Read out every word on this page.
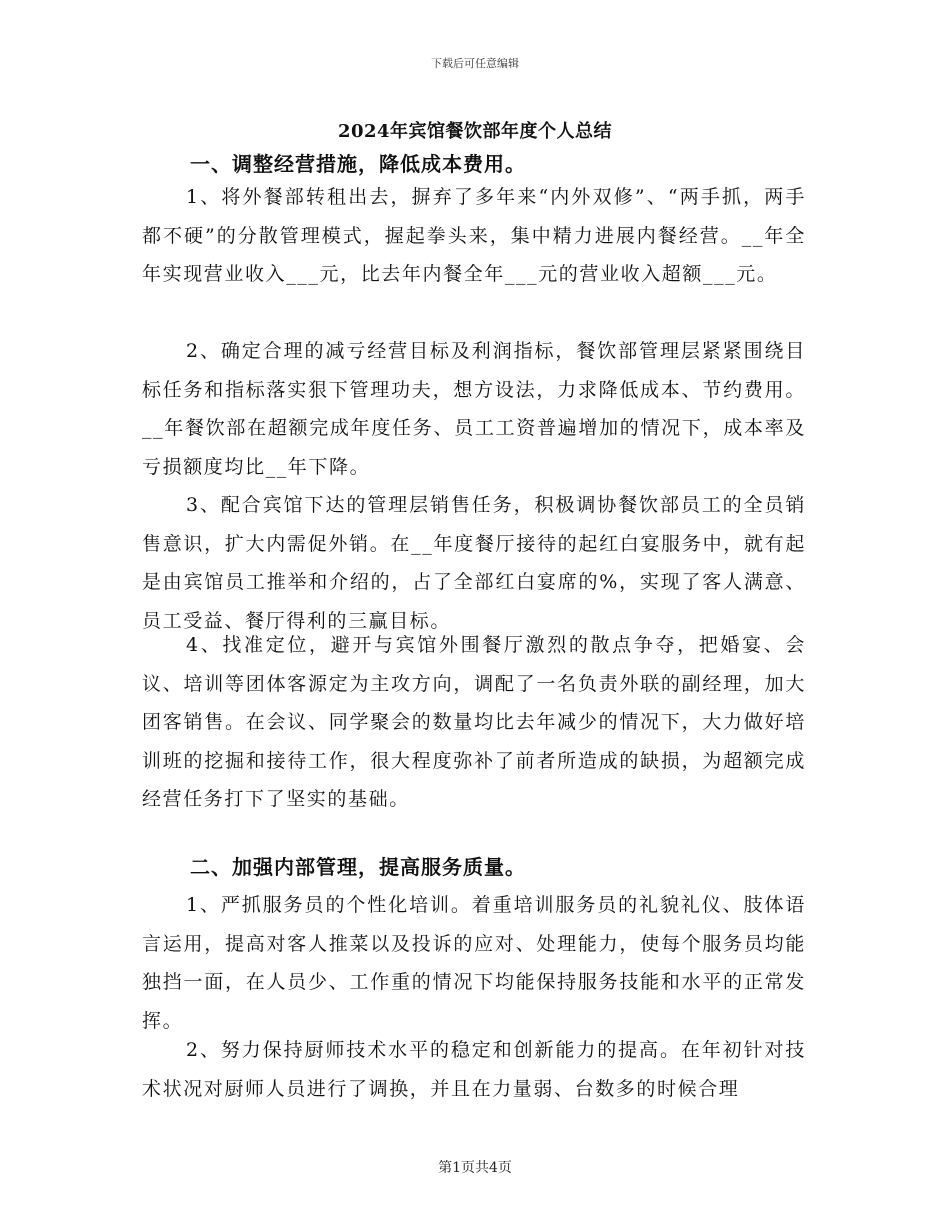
下载后可任意编辑
2024年宾馆餐饮部年度个人总结
一、调整经营措施，降低成本费用。

1、将外餐部转租出去，摒弃了多年来“内外双修”、“两手抓，两手都不硬”的分散管理模式，握起拳头来，集中精力进展内餐经营。__年全年实现营业收入___元，比去年内餐全年___元的营业收入超额___元。

2、确定合理的减亏经营目标及利润指标，餐饮部管理层紧紧围绕目标任务和指标落实狠下管理功夫，想方设法，力求降低成本、节约费用。__年餐饮部在超额完成年度任务、员工工资普遍增加的情况下，成本率及亏损额度均比__年下降。

3、配合宾馆下达的管理层销售任务，积极调协餐饮部员工的全员销售意识，扩大内需促外销。在__年度餐厅接待的起红白宴服务中，就有起是由宾馆员工推举和介绍的，占了全部红白宴席的%，实现了客人满意、员工受益、餐厅得利的三赢目标。

4、找准定位，避开与宾馆外围餐厅激烈的散点争夺，把婚宴、会议、培训等团体客源定为主攻方向，调配了一名负责外联的副经理，加大团客销售。在会议、同学聚会的数量均比去年减少的情况下，大力做好培训班的挖掘和接待工作，很大程度弥补了前者所造成的缺损，为超额完成经营任务打下了坚实的基础。

二、加强内部管理，提高服务质量。

1、严抓服务员的个性化培训。着重培训服务员的礼貌礼仪、肢体语言运用，提高对客人推菜以及投诉的应对、处理能力，使每个服务员均能独挡一面，在人员少、工作重的情况下均能保持服务技能和水平的正常发挥。

2、努力保持厨师技术水平的稳定和创新能力的提高。在年初针对技术状况对厨师人员进行了调换，并且在力量弱、台数多的时候合理

第1页共4页
